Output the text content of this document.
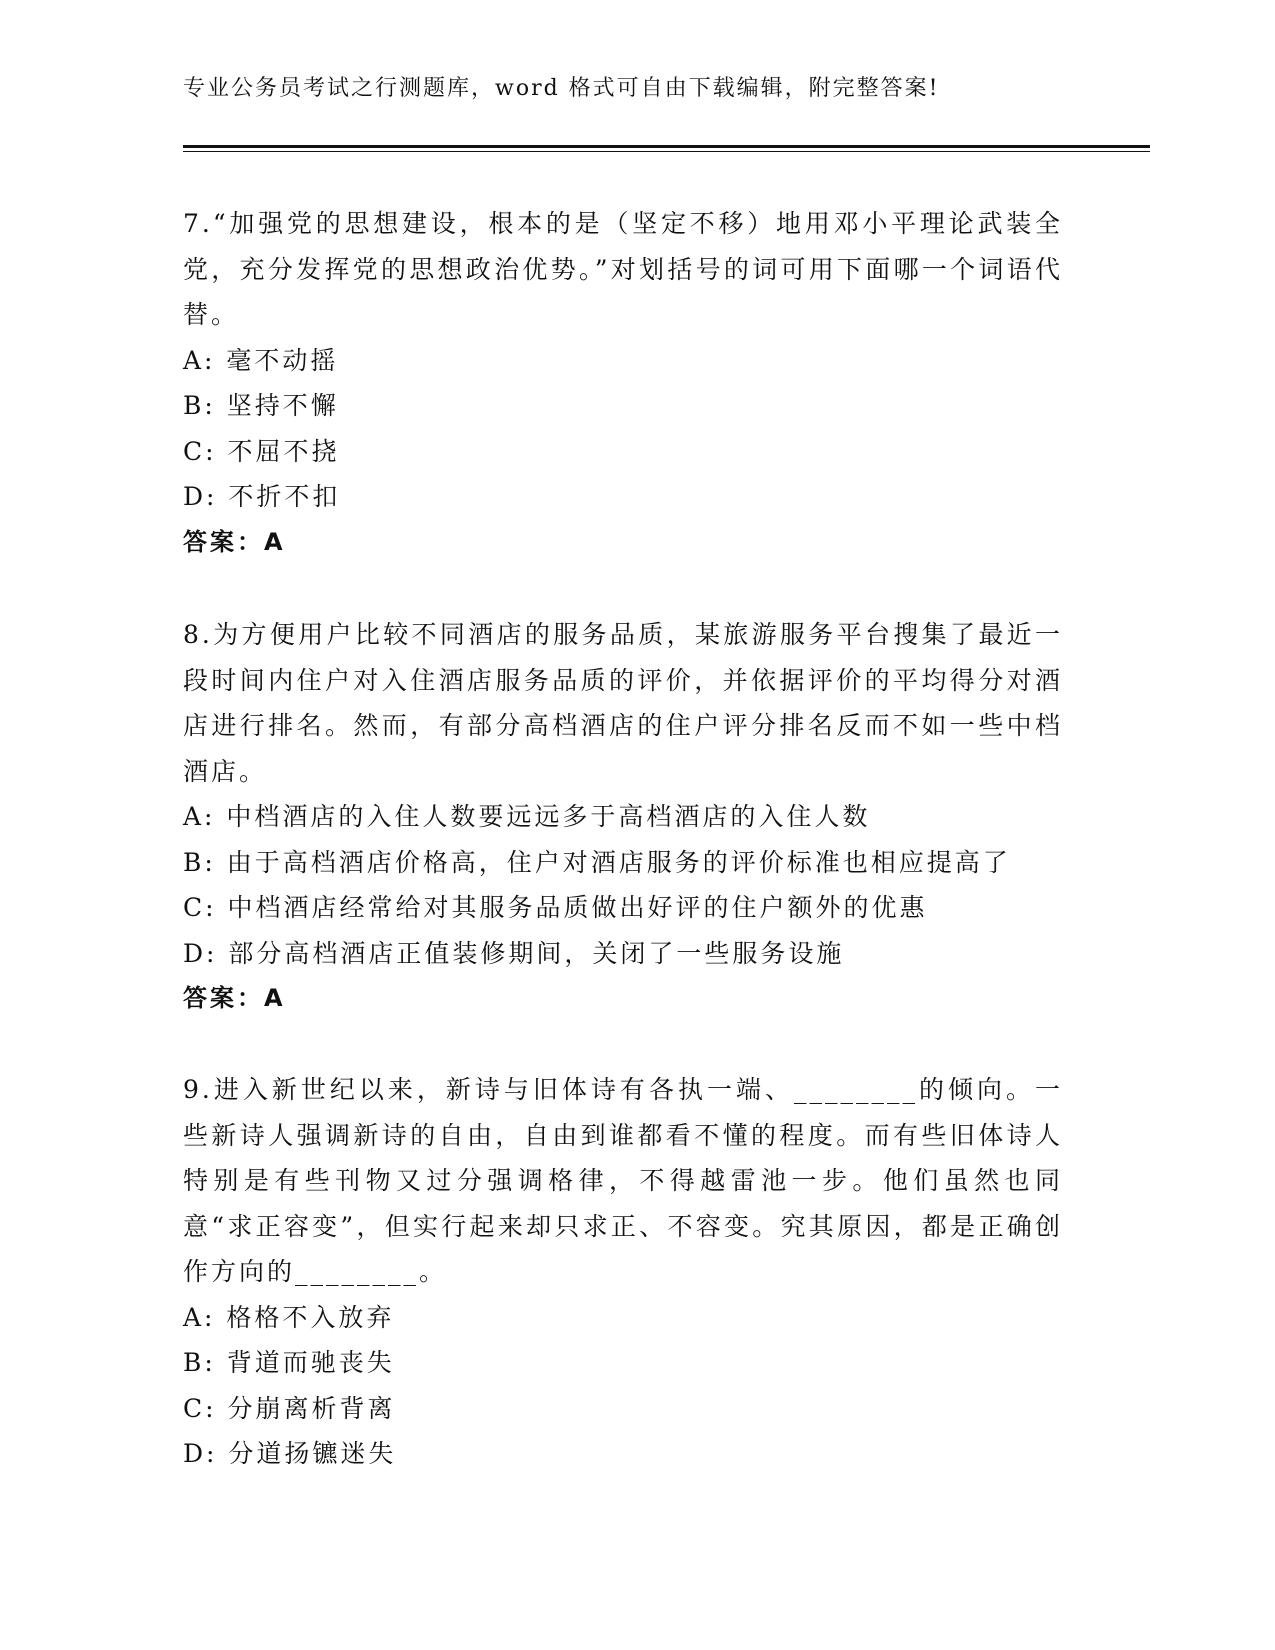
专业公务员考试之行测题库，word 格式可自由下载编辑，附完整答案!

7.“加强党的思想建设，根本的是（坚定不移）地用邓小平理论武装全党，充分发挥党的思想政治优势。”对划括号的词可用下面哪一个词语代替。

A: 毫不动摇

B: 坚持不懈

C: 不屈不挠

D: 不折不扣

答案：A

8.为方便用户比较不同酒店的服务品质，某旅游服务平台搜集了最近一段时间内住户对入住酒店服务品质的评价，并依据评价的平均得分对酒店进行排名。然而，有部分高档酒店的住户评分排名反而不如一些中档酒店。

A: 中档酒店的入住人数要远远多于高档酒店的入住人数

B: 由于高档酒店价格高，住户对酒店服务的评价标准也相应提高了

C: 中档酒店经常给对其服务品质做出好评的住户额外的优惠

D: 部分高档酒店正值装修期间，关闭了一些服务设施

答案：A

9.进入新世纪以来，新诗与旧体诗有各执一端、________的倾向。一些新诗人强调新诗的自由，自由到谁都看不懂的程度。而有些旧体诗人特别是有些刊物又过分强调格律，不得越雷池一步。他们虽然也同意“求正容变”，但实行起来却只求正、不容变。究其原因，都是正确创作方向的________。

A: 格格不入放弃

B: 背道而驰丧失

C: 分崩离析背离

D: 分道扬镳迷失
